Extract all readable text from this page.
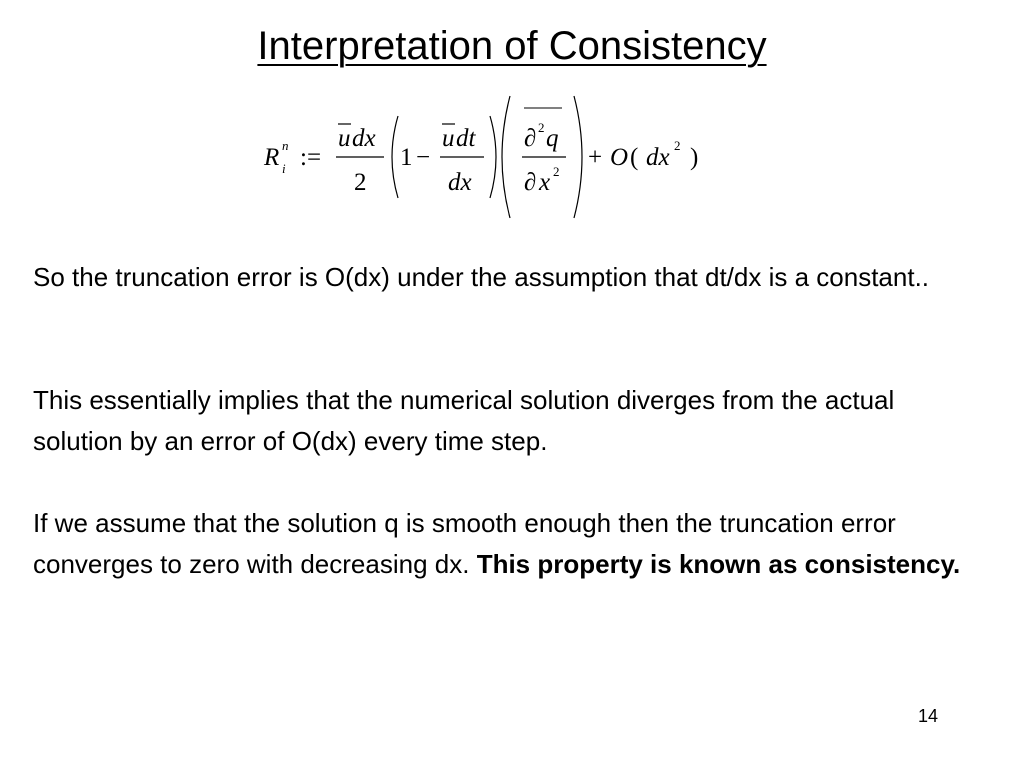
Interpretation of Consistency
R n
i :=
u dx
2
1 −
u dt
dx
∂ 2 q
∂ x 2
+ O ( dx 2 )

So the truncation error is O(dx) under the assumption that dt/dx is a constant..

This essentially implies that the numerical solution diverges from the actual solution by an error of O(dx) every time step.

If we assume that the solution q is smooth enough then the truncation error converges to zero with decreasing dx. This property is known as consistency.

14
